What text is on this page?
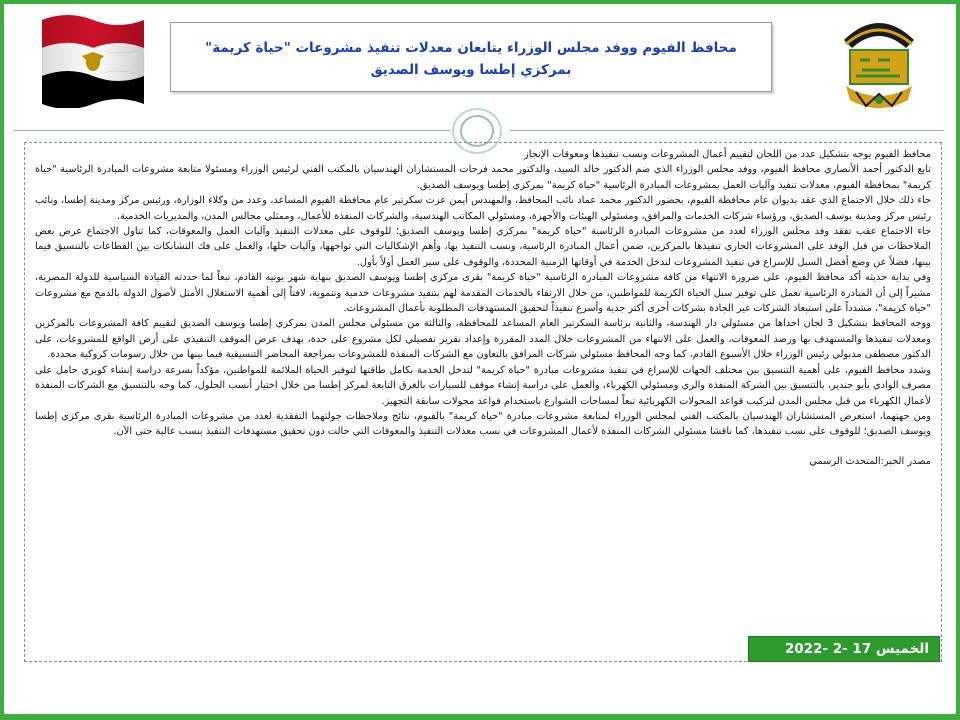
محافظ الفيوم ووفد مجلس الوزراء يتابعان معدلات تنفيذ مشروعات "حياة كريمة" بمركزي إطسا ويوسف الصديق

محافظ الفيوم يوجه بتشكيل عدد من اللجان لتقييم أعمال المشروعات ونسب تنفيذها ومعوقات الإنجاز

تابع الدكتور أحمد الأنصاري محافظ الفيوم، ووفد مجلس الوزراء الذي ضم الدكتور خالد السيد، والدكتور محمد فرحات المستشاران الهندسيان بالمكتب الفني لرئيس الوزراء ومسئولا متابعة مشروعات المبادرة الرئاسية "حياة كريمة" بمحافظة الفيوم، معدلات تنفيذ وآليات العمل بمشروعات المبادرة الرئاسية "حياة كريمة" بمركزي إطسا ويوسف الصديق.

جاء ذلك خلال الاجتماع الذي عقد بديوان عام محافظة الفيوم، بحضور الدكتور محمد عماد نائب المحافظ، والمهندس أيمن عزت سكرتير عام محافظة الفيوم المساعد، وعدد من وكلاء الوزارة، ورئيس مركز ومدينة إطسا، ونائب رئيس مركز ومدينة يوسف الصديق، ورؤساء شركات الخدمات والمرافق، ومسئولي الهيئات والأجهزة، ومسئولي المكاتب الهندسية، والشركات المنفذة للأعمال، وممثلي مجالس المدن، والمديريات الخدمية.

جاء الاجتماع عقب تفقد وفد مجلس الوزراء لعدد من مشروعات المبادرة الرئاسية "حياة كريمة" بمركزي إطسا ويوسف الصديق؛ للوقوف على معدلات التنفيذ وآليات العمل والمعوقات، كما تناول الاجتماع عرض بعض الملاحظات من قبل الوفد على المشروعات الجاري تنفيذها بالمركزين، ضمن أعمال المبادرة الرئاسية، ونسب التنفيذ بها، وأهم الإشكاليات التي تواجهها، وآليات حلها، والعمل على فك التشابكات بين القطاعات بالتنسيق فيما بينها، فضلاً عن وضع أفضل السبل للإسراع في تنفيذ المشروعات لتدخل الخدمة في أوقاتها الزمنية المحددة، والوقوف على سير العمل أولاً بأول.

وفي بداية حديثه أكد محافظ الفيوم، على ضرورة الانتهاء من كافة مشروعات المبادرة الرئاسية "حياة كريمة" بقرى مركزي إطسا ويوسف الصديق بنهاية شهر يونيه القادم، تبعاً لما حددته القيادة السياسية للدولة المصرية، مشيراً إلى أن المبادرة الرئاسية تعمل على توفير سبل الحياة الكريمة للمواطنين، من خلال الارتقاء بالخدمات المقدمة لهم بتنفيذ مشروعات خدمية وتنموية، لافتاً إلى أهمية الاستغلال الأمثل لأصول الدولة بالدمج مع مشروعات "حياة كريمة"، مشدداً على استبعاد الشركات غير الجادة بشركات أخرى أكثر جدية وأسرع تنفيذاً لتحقيق المستهدفات المطلوبة بأعمال المشروعات.

ووجه المحافظ بتشكيل 3 لجان احداها من مسئولي دار الهندسة، والثانية برئاسة السكرتير العام المساعد للمحافظة، والثالثة من مسئولي مجلس المدن بمركزي إطسا ويوسف الصديق لتقييم كافة المشروعات بالمركزين ومعدلات تنفيذها والمستهدف بها ورصد المعوقات، والعمل على الانتهاء من المشروعات خلال المدد المقررة وإعداد تقرير تفصيلي لكل مشروع على حدة، بهدف عرض الموقف التنفيذي على أرض الواقع للمشروعات، على الدكتور مصطفى مدبولي رئيس الوزراء خلال الأسبوع القادم، كما وجه المحافظ مسئولي شركات المرافق بالتعاون مع الشركات المنفذة للمشروعات بمراجعة المحاضر التنسيقية فيما بينها من خلال رسومات كروكية محددة.

وشدد محافظ الفيوم، على أهمية التنسيق بين مختلف الجهات للإسراع في تنفيذ مشروعات مبادرة "حياة كريمة" لتدخل الخدمة بكامل طاقتها لتوفير الحياة الملائمة للمواطنين، مؤكداً بسرعة دراسة إنشاء كوبري حامل على مصرف الوادي بأبو جندير، بالتنسيق بين الشركة المنفذة والري ومسئولي الكهرباء، والعمل على دراسة إنشاء موقف للسيارات بالغرق التابعة لمركز إطسا من خلال اختيار أنسب الحلول، كما وجه بالتنسيق مع الشركات المنفذة لأعمال الكهرباء من قبل مجلس المدن لتركيب قواعد المحولات الكهربائية تبعاً لمساحات الشوارع باستخدام قواعد محولات سابقة التجهيز.

ومن جهتهما، استعرض المستشاران الهندسيان بالمكتب الفني لمجلس الوزراء لمتابعة مشروعات مبادرة "حياة كريمة" بالفيوم، نتائج وملاحظات جولتهما التفقدية لعدد من مشروعات المبادرة الرئاسية بقرى مركزي إطسا ويوسف الصديق؛ للوقوف على نسب تنفيذها، كما ناقشا مسئولي الشركات المنفذة لأعمال المشروعات في نسب معدلات التنفيذ والمعوقات التي حالت دون تحقيق مستهدفات التنفيذ بنسب عالية حتى الآن.

مصدر الخبر:المتحدث الرسمي

الخميس 17 -2 -2022
